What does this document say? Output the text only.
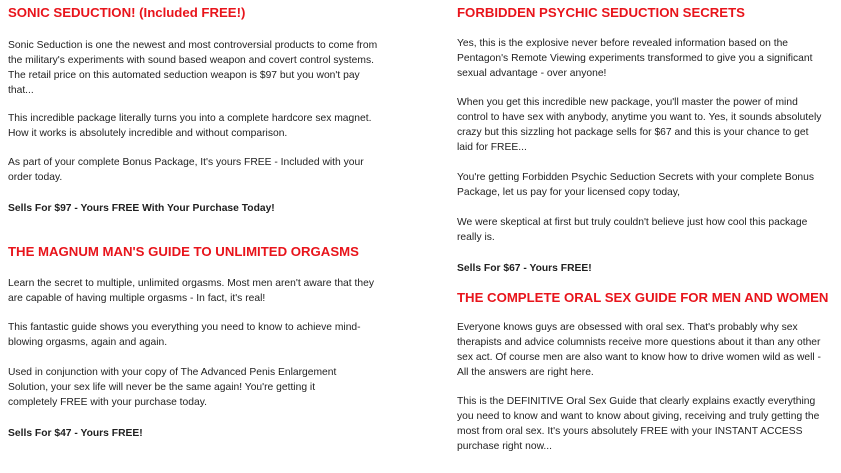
SONIC SEDUCTION! (Included FREE!)

Sonic Seduction is one the newest and most controversial products to come from the military's experiments with sound based weapon and covert control systems. The retail price on this automated seduction weapon is $97 but you won't pay that...

This incredible package literally turns you into a complete hardcore sex magnet. How it works is absolutely incredible and without comparison.

As part of your complete Bonus Package, It's yours FREE - Included with your order today.

Sells For $97 - Yours FREE With Your Purchase Today!

THE MAGNUM MAN'S GUIDE TO UNLIMITED ORGASMS

Learn the secret to multiple, unlimited orgasms. Most men aren't aware that they are capable of having multiple orgasms - In fact, it's real!

This fantastic guide shows you everything you need to know to achieve mind-blowing orgasms, again and again.

Used in conjunction with your copy of The Advanced Penis Enlargement Solution, your sex life will never be the same again! You're getting it completely FREE with your purchase today.

Sells For $47 - Yours FREE!

FORBIDDEN PSYCHIC SEDUCTION SECRETS

Yes, this is the explosive never before revealed information based on the Pentagon's Remote Viewing experiments transformed to give you a significant sexual advantage - over anyone!

When you get this incredible new package, you'll master the power of mind control to have sex with anybody, anytime you want to. Yes, it sounds absolutely crazy but this sizzling hot package sells for $67 and this is your chance to get laid for FREE...

You're getting Forbidden Psychic Seduction Secrets with your complete Bonus Package, let us pay for your licensed copy today,

We were skeptical at first but truly couldn't believe just how cool this package really is.

Sells For $67 - Yours FREE!

THE COMPLETE ORAL SEX GUIDE FOR MEN AND WOMEN

Everyone knows guys are obsessed with oral sex. That's probably why sex therapists and advice columnists receive more questions about it than any other sex act. Of course men are also want to know how to drive women wild as well - All the answers are right here.

This is the DEFINITIVE Oral Sex Guide that clearly explains exactly everything you need to know and want to know about giving, receiving and truly getting the most from oral sex. It's yours absolutely FREE with your INSTANT ACCESS purchase right now...
